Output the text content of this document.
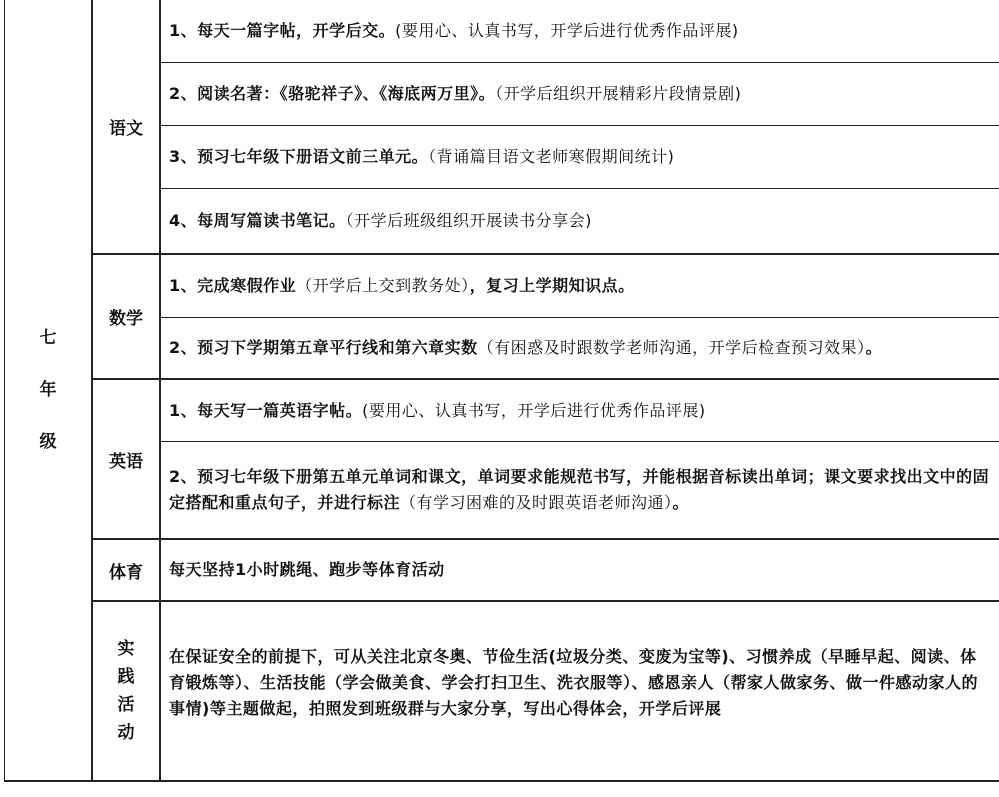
七
年
级
语文
数学
英语
体育
实
践
活
动
1、每天一篇字帖，开学后交。(要用心、认真书写，开学后进行优秀作品评展)
2、阅读名著：《骆驼祥子》、《海底两万里》。（开学后组织开展精彩片段情景剧)
3、预习七年级下册语文前三单元。（背诵篇目语文老师寒假期间统计)
4、每周写篇读书笔记。（开学后班级组织开展读书分享会)
1、完成寒假作业（开学后上交到教务处），复习上学期知识点。
2、预习下学期第五章平行线和第六章实数（有困惑及时跟数学老师沟通，开学后检查预习效果）。
1、每天写一篇英语字帖。(要用心、认真书写，开学后进行优秀作品评展)
2、预习七年级下册第五单元单词和课文，单词要求能规范书写，并能根据音标读出单词；课文要求找出文中的固定搭配和重点句子，并进行标注（有学习困难的及时跟英语老师沟通）。
每天坚持1小时跳绳、跑步等体育活动
在保证安全的前提下，可从关注北京冬奥、节俭生活(垃圾分类、变废为宝等)、习惯养成（早睡早起、阅读、体育锻炼等）、生活技能（学会做美食、学会打扫卫生、洗衣服等）、感恩亲人（帮家人做家务、做一件感动家人的事情)等主题做起，拍照发到班级群与大家分享，写出心得体会，开学后评展
